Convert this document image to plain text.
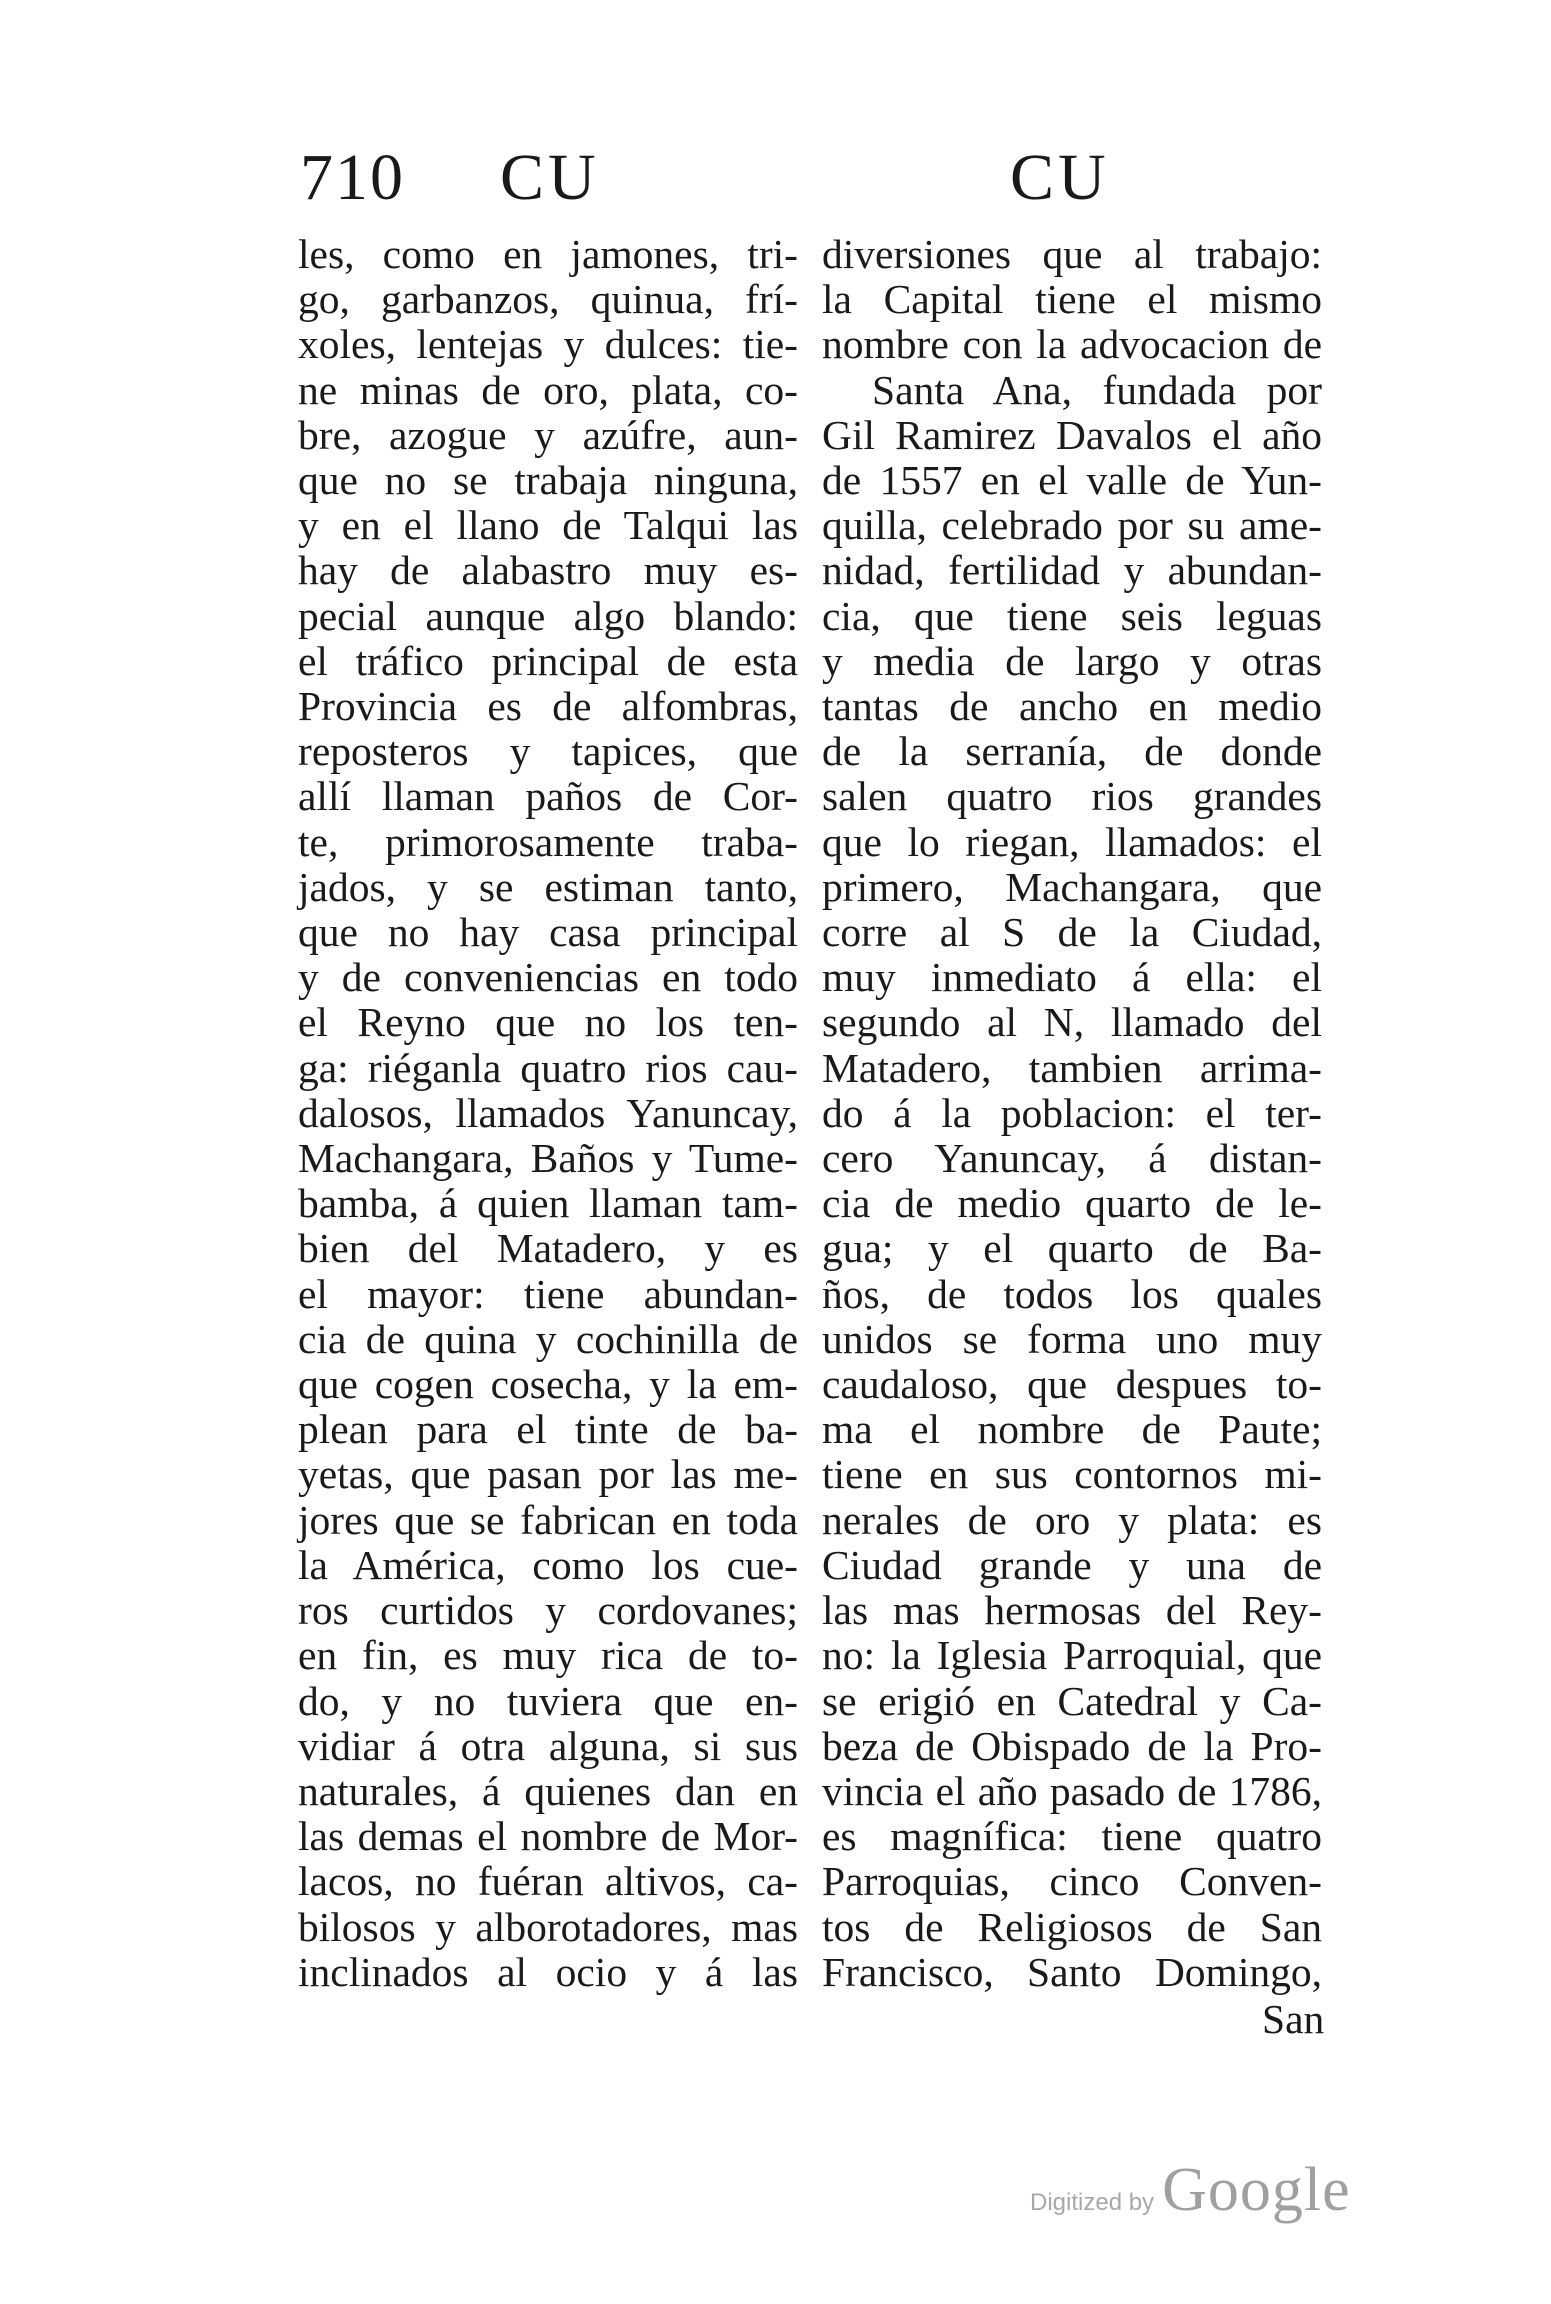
710 CU	CU
les, como en jamones, tri-
go, garbanzos, quinua, frí-
xoles, lentejas y dulces: tie-
ne minas de oro, plata, co-
bre, azogue y azúfre, aun-
que no se trabaja ninguna,
y en el llano de Talqui las
hay de alabastro muy es-
pecial aunque algo blando:
el tráfico principal de esta
Provincia es de alfombras,
reposteros y tapices, que
allí llaman paños de Cor-
te, primorosamente traba-
jados, y se estiman tanto,
que no hay casa principal
y de conveniencias en todo
el Reyno que no los ten-
ga: riéganla quatro rios cau-
dalosos, llamados Yanuncay,
Machangara, Baños y Tume-
bamba, á quien llaman tam-
bien del Matadero, y es
el mayor: tiene abundan-
cia de quina y cochinilla de
que cogen cosecha, y la em-
plean para el tinte de ba-
yetas, que pasan por las me-
jores que se fabrican en toda
la América, como los cue-
ros curtidos y cordovanes;
en fin, es muy rica de to-
do, y no tuviera que en-
vidiar á otra alguna, si sus
naturales, á quienes dan en
las demas el nombre de Mor-
lacos, no fuéran altivos, ca-
bilosos y alborotadores, mas
inclinados al ocio y á las
diversiones que al trabajo:
la Capital tiene el mismo
nombre con la advocacion de
Santa Ana, fundada por
Gil Ramirez Davalos el año
de 1557 en el valle de Yun-
quilla, celebrado por su ame-
nidad, fertilidad y abundan-
cia, que tiene seis leguas
y media de largo y otras
tantas de ancho en medio
de la serranía, de donde
salen quatro rios grandes
que lo riegan, llamados: el
primero, Machangara, que
corre al S de la Ciudad,
muy inmediato á ella: el
segundo al N, llamado del
Matadero, tambien arrima-
do á la poblacion: el ter-
cero Yanuncay, á distan-
cia de medio quarto de le-
gua; y el quarto de Ba-
ños, de todos los quales
unidos se forma uno muy
caudaloso, que despues to-
ma el nombre de Paute;
tiene en sus contornos mi-
nerales de oro y plata: es
Ciudad grande y una de
las mas hermosas del Rey-
no: la Iglesia Parroquial, que
se erigió en Catedral y Ca-
beza de Obispado de la Pro-
vincia el año pasado de 1786,
es magnífica: tiene quatro
Parroquias, cinco Conven-
tos de Religiosos de San
Francisco, Santo Domingo,
San
Digitized by Google
